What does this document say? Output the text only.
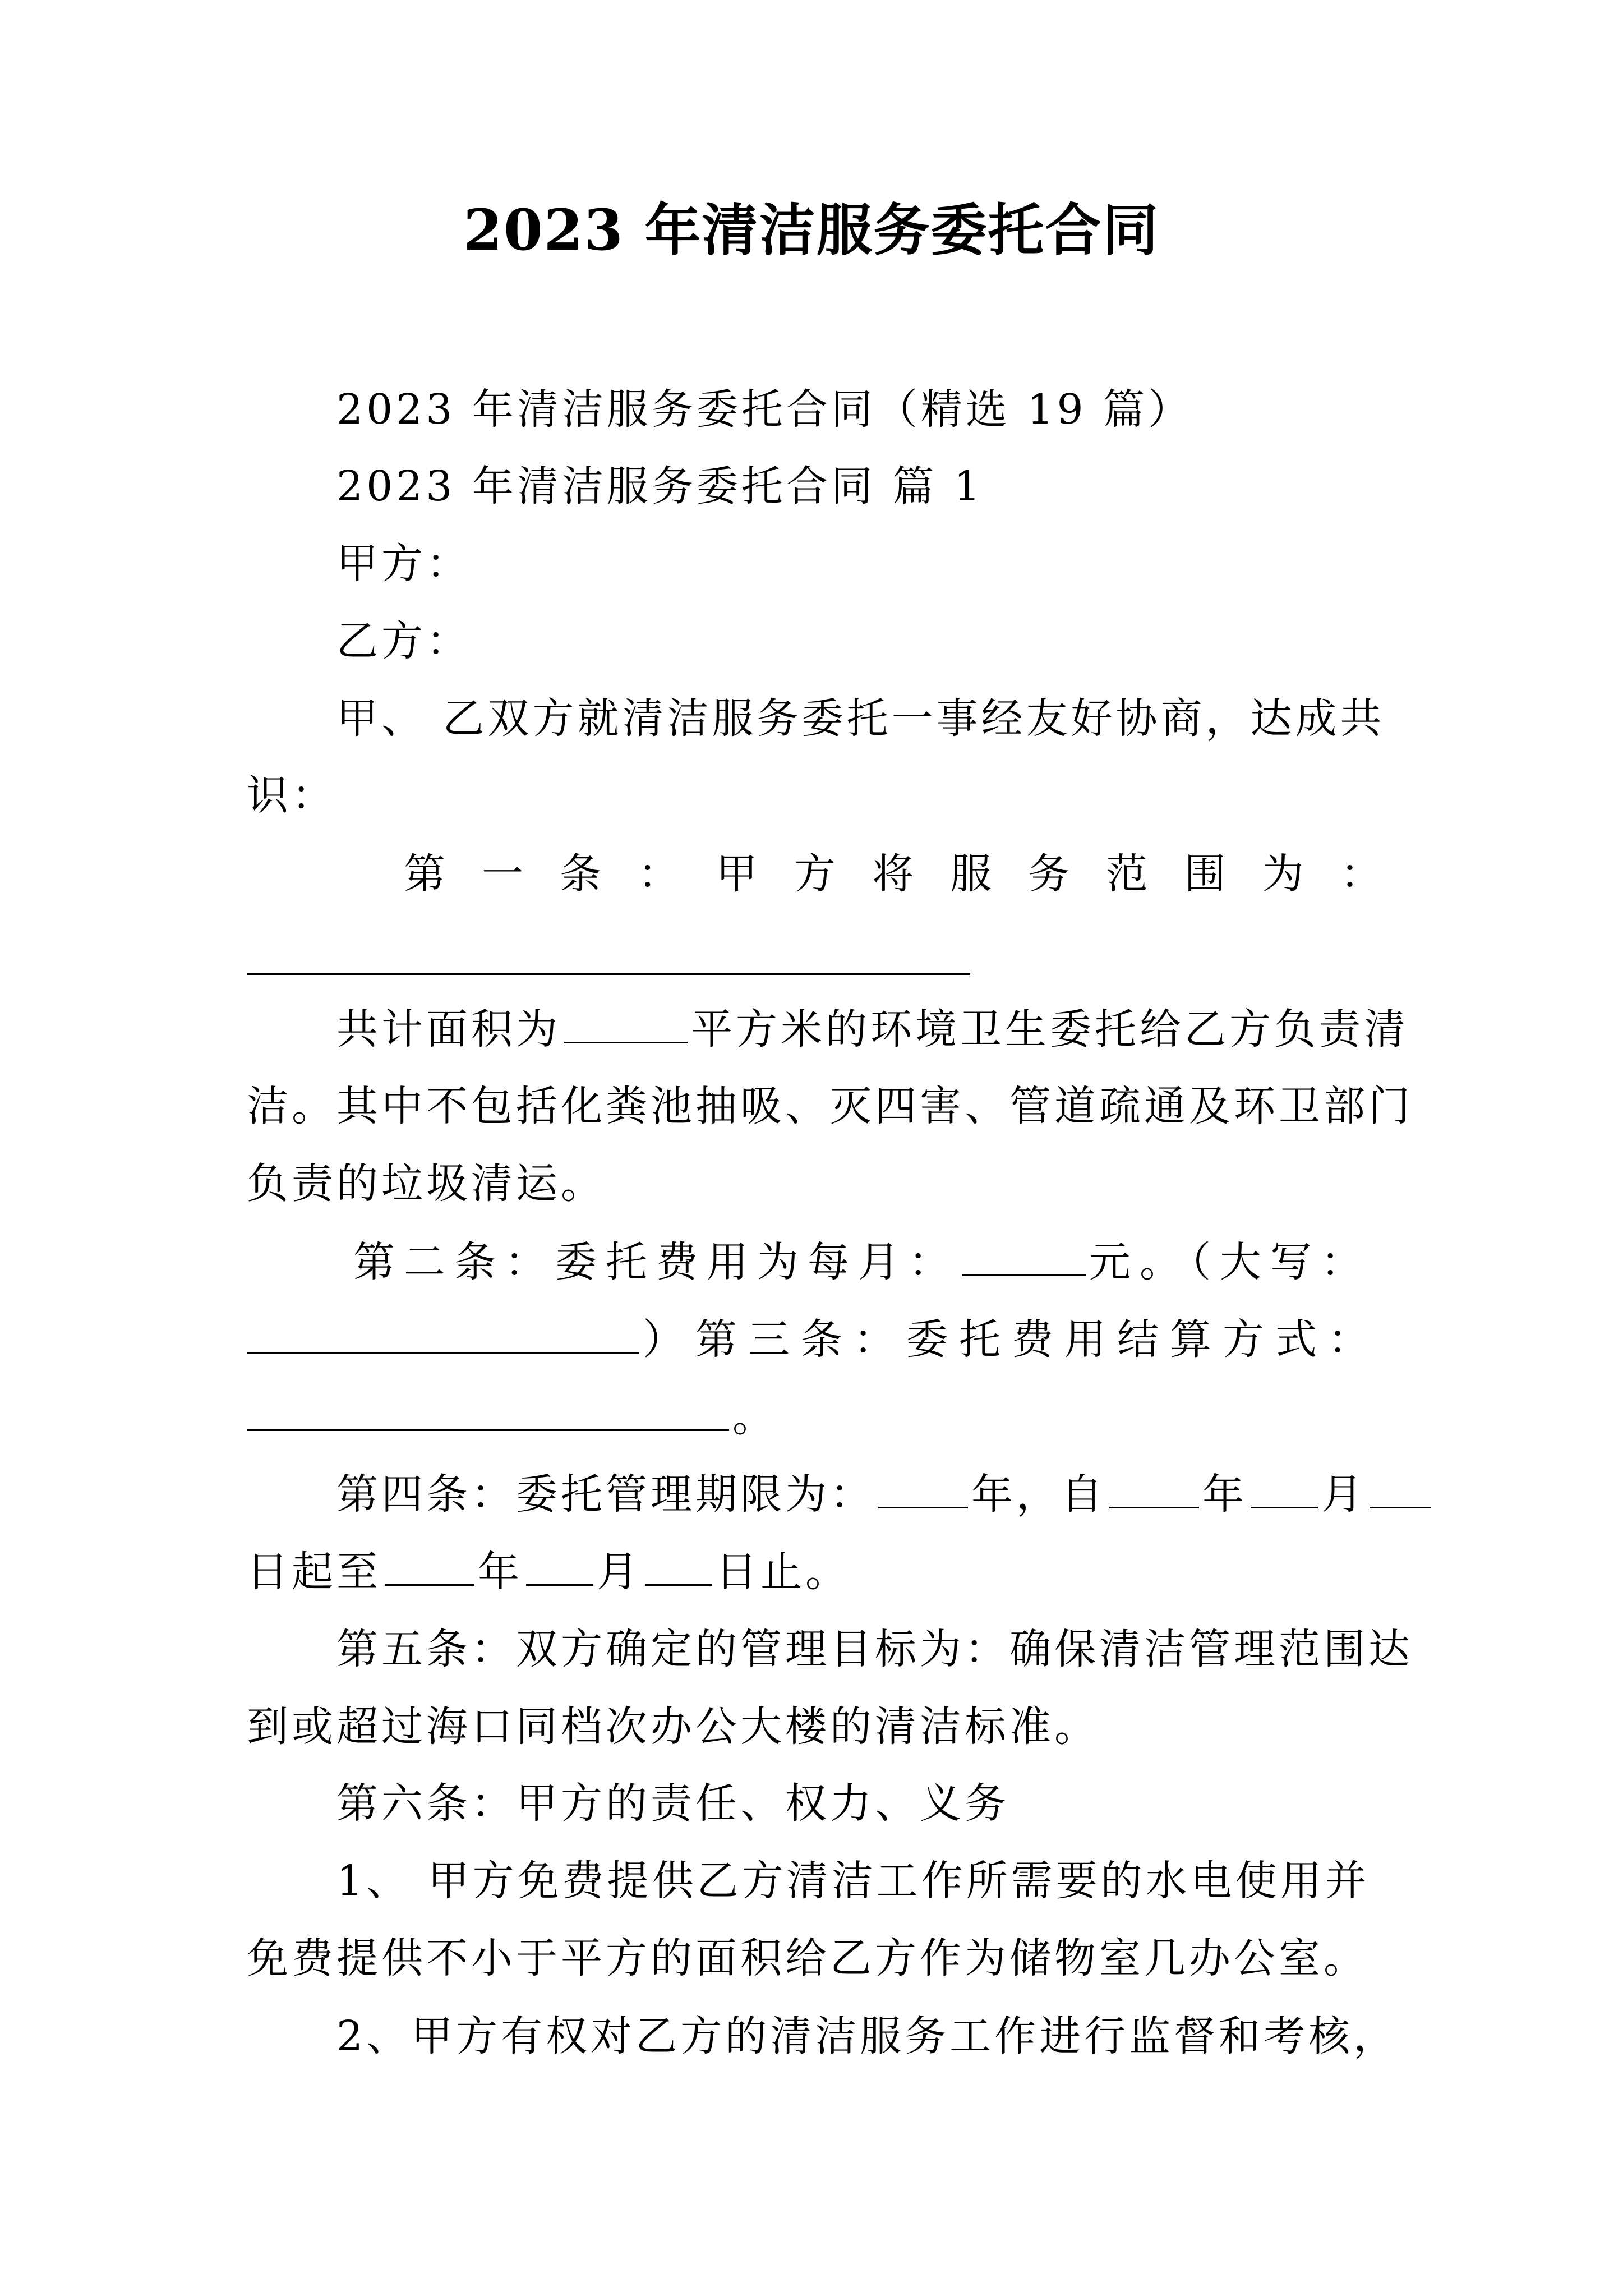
2023 年清洁服务委托合同
2023 年清洁服务委托合同（精选 19 篇）
2023 年清洁服务委托合同 篇 1
甲方：
乙方：
甲、 乙双方就清洁服务委托一事经友好协商，达成共
识：
第 一 条 ： 甲 方 将 服 务 范 围 为 ：
共计面积为	平方米的环境卫生委托给乙方负责清
洁。其中不包括化粪池抽吸、灭四害、管道疏通及环卫部门
负责的垃圾清运。
第二条：委托费用为每月：	元。（大写：
）第三条：委托费用结算方式：
。
第四条：委托管理期限为： 年，自 年 月
日起至 年 月 日止。
第五条：双方确定的管理目标为：确保清洁管理范围达
到或超过海口同档次办公大楼的清洁标准。
第六条：甲方的责任、权力、义务
1、 甲方免费提供乙方清洁工作所需要的水电使用并
免费提供不小于平方的面积给乙方作为储物室几办公室。
2、甲方有权对乙方的清洁服务工作进行监督和考核，
